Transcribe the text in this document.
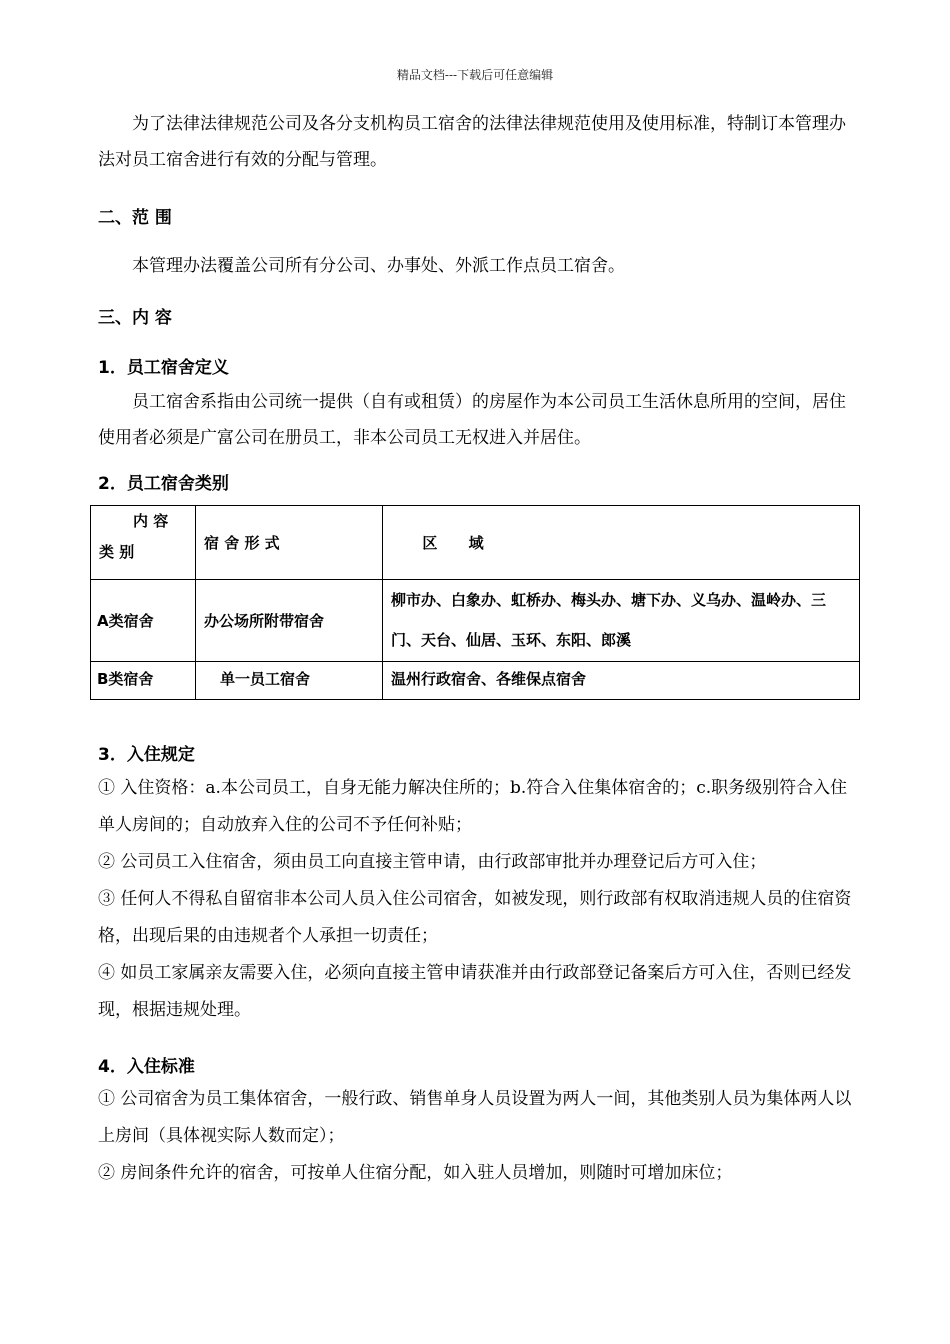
精品文档---下载后可任意编辑
为了法律法律规范公司及各分支机构员工宿舍的法律法律规范使用及使用标准，特制订本管理办法对员工宿舍进行有效的分配与管理。
二、范 围
本管理办法覆盖公司所有分公司、办事处、外派工作点员工宿舍。
三、内 容
1．员工宿舍定义
员工宿舍系指由公司统一提供（自有或租赁）的房屋作为本公司员工生活休息所用的空间，居住使用者必须是广富公司在册员工，非本公司员工无权进入并居住。
2．员工宿舍类别
内 容
类 别	宿 舍 形 式	区      域

A类宿舍	办公场所附带宿舍	柳市办、白象办、虹桥办、梅头办、塘下办、义乌办、温岭办、三门、天台、仙居、玉环、东阳、郎溪
B类宿舍	单一员工宿舍	温州行政宿舍、各维保点宿舍
3．入住规定
① 入住资格：a.本公司员工，自身无能力解决住所的；b.符合入住集体宿舍的；c.职务级别符合入住单人房间的；自动放弃入住的公司不予任何补贴；
② 公司员工入住宿舍，须由员工向直接主管申请，由行政部审批并办理登记后方可入住；
③ 任何人不得私自留宿非本公司人员入住公司宿舍，如被发现，则行政部有权取消违规人员的住宿资格，出现后果的由违规者个人承担一切责任；
④ 如员工家属亲友需要入住，必须向直接主管申请获准并由行政部登记备案后方可入住，否则已经发现，根据违规处理。
4．入住标准
① 公司宿舍为员工集体宿舍，一般行政、销售单身人员设置为两人一间，其他类别人员为集体两人以上房间（具体视实际人数而定）；
② 房间条件允许的宿舍，可按单人住宿分配，如入驻人员增加，则随时可增加床位；
